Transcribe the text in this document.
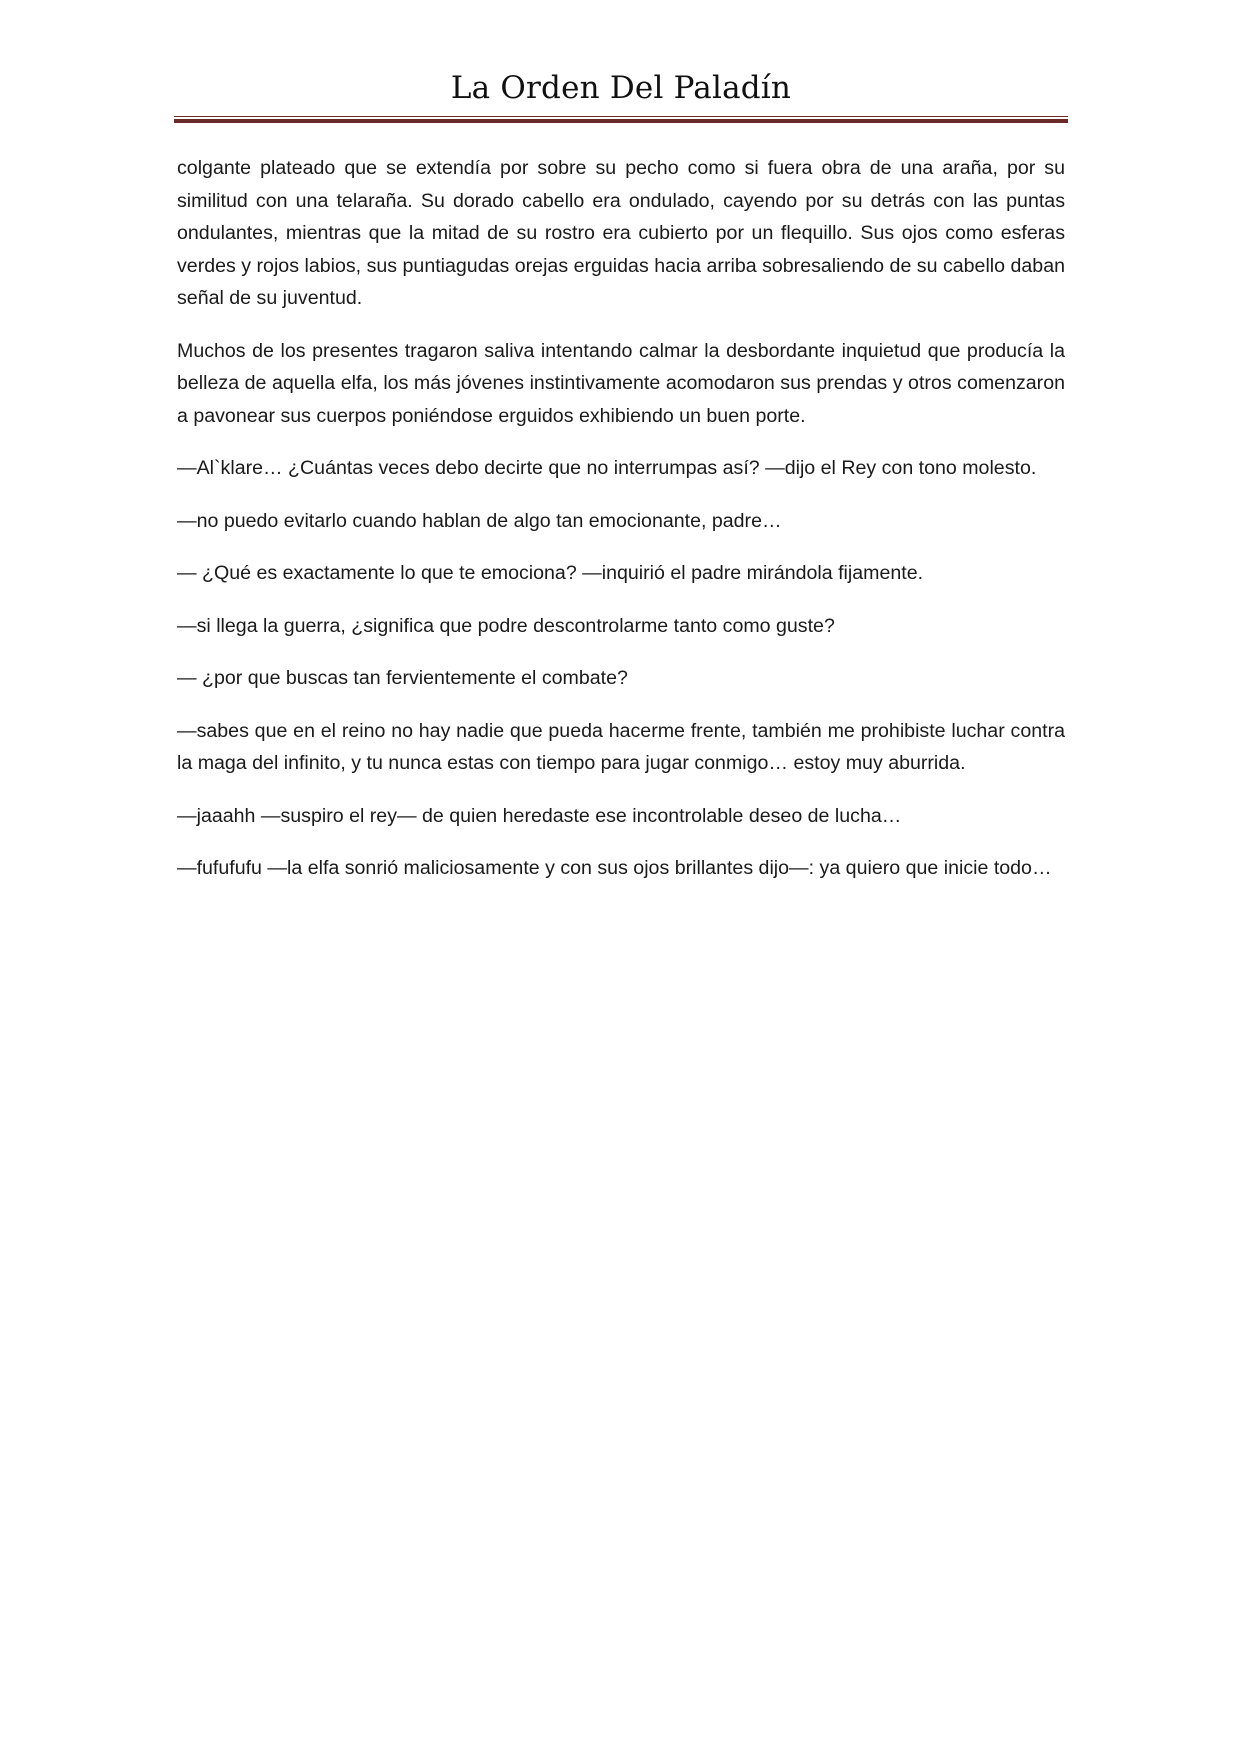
La Orden Del Paladín

colgante plateado que se extendía por sobre su pecho como si fuera obra de una araña, por su similitud con una telaraña. Su dorado cabello era ondulado, cayendo por su detrás con las puntas ondulantes, mientras que la mitad de su rostro era cubierto por un flequillo. Sus ojos como esferas verdes y rojos labios, sus puntiagudas orejas erguidas hacia arriba sobresaliendo de su cabello daban señal de su juventud.

Muchos de los presentes tragaron saliva intentando calmar la desbordante inquietud que producía la belleza de aquella elfa, los más jóvenes instintivamente acomodaron sus prendas y otros comenzaron a pavonear sus cuerpos poniéndose erguidos exhibiendo un buen porte.

—Al`klare… ¿Cuántas veces debo decirte que no interrumpas así? —dijo el Rey con tono molesto.

—no puedo evitarlo cuando hablan de algo tan emocionante, padre…

— ¿Qué es exactamente lo que te emociona? —inquirió el padre mirándola fijamente.

—si llega la guerra, ¿significa que podre descontrolarme tanto como guste?

— ¿por que buscas tan fervientemente el combate?

—sabes que en el reino no hay nadie que pueda hacerme frente, también me prohibiste luchar contra la maga del infinito, y tu nunca estas con tiempo para jugar conmigo… estoy muy aburrida.

—jaaahh —suspiro el rey— de quien heredaste ese incontrolable deseo de lucha…

—fufufufu —la elfa sonrió maliciosamente y con sus ojos brillantes dijo—: ya quiero que inicie todo…
